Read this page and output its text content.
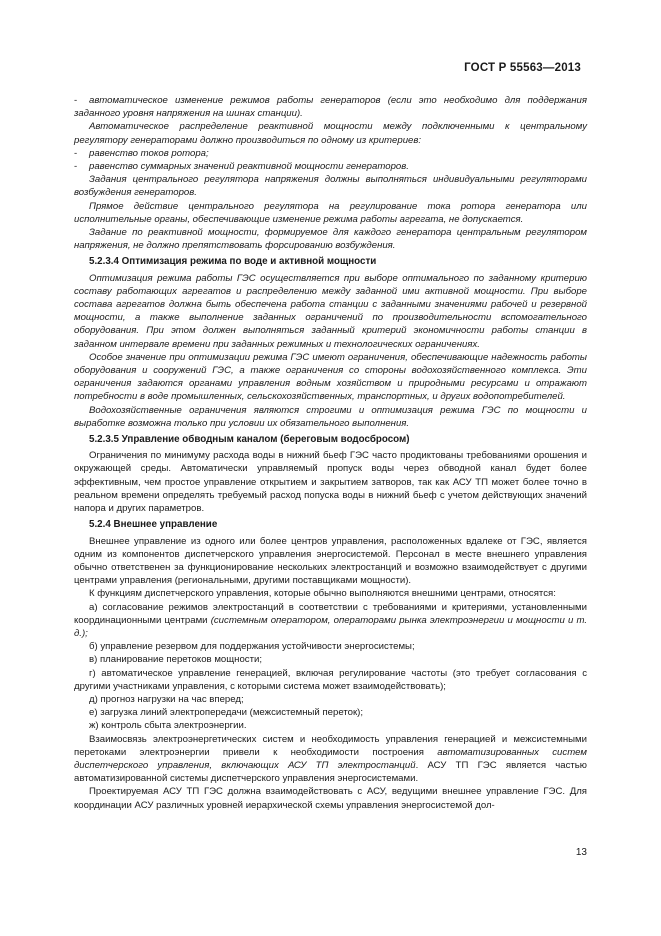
ГОСТ Р 55563—2013

- автоматическое изменение режимов работы генераторов (если это необходимо для поддержания заданного уровня напряжения на шинах станции).

Автоматическое распределение реактивной мощности между подключенными к центральному регулятору генераторами должно производиться по одному из критериев:

- равенство токов ротора;

- равенство суммарных значений реактивной мощности генераторов.

Задания центрального регулятора напряжения должны выполняться индивидуальными регуляторами возбуждения генераторов.

Прямое действие центрального регулятора на регулирование тока ротора генератора или исполнительные органы, обеспечивающие изменение режима работы агрегата, не допускается.

Задание по реактивной мощности, формируемое для каждого генератора центральным регулятором напряжения, не должно препятствовать форсированию возбуждения.

5.2.3.4 Оптимизация режима по воде и активной мощности

Оптимизация режима работы ГЭС осуществляется при выборе оптимального по заданному критерию составу работающих агрегатов и распределению между заданной ими активной мощности. При выборе состава агрегатов должна быть обеспечена работа станции с заданными значениями рабочей и резервной мощности, а также выполнение заданных ограничений по производительности вспомогательного оборудования. При этом должен выполняться заданный критерий экономичности работы станции в заданном интервале времени при заданных режимных и технологических ограничениях.

Особое значение при оптимизации режима ГЭС имеют ограничения, обеспечивающие надежность работы оборудования и сооружений ГЭС, а также ограничения со стороны водохозяйственного комплекса. Эти ограничения задаются органами управления водным хозяйством и природными ресурсами и отражают потребности в воде промышленных, сельскохозяйственных, транспортных, и других водопотребителей.

Водохозяйственные ограничения являются строгими и оптимизация режима ГЭС по мощности и выработке возможна только при условии их обязательного выполнения.

5.2.3.5 Управление обводным каналом (береговым водосбросом)

Ограничения по минимуму расхода воды в нижний бьеф ГЭС часто продиктованы требованиями орошения и окружающей среды. Автоматически управляемый пропуск воды через обводной канал будет более эффективным, чем простое управление открытием и закрытием затворов, так как АСУ ТП может более точно в реальном времени определять требуемый расход попуска воды в нижний бьеф с учетом действующих значений напора и других параметров.

5.2.4 Внешнее управление

Внешнее управление из одного или более центров управления, расположенных вдалеке от ГЭС, является одним из компонентов диспетчерского управления энергосистемой. Персонал в месте внешнего управления обычно ответственен за функционирование нескольких электростанций и возможно взаимодействует с другими центрами управления (региональными, другими поставщиками мощности).

К функциям диспетчерского управления, которые обычно выполняются внешними центрами, относятся:

а) согласование режимов электростанций в соответствии с требованиями и критериями, установленными координационными центрами (системным оператором, операторами рынка электроэнергии и мощности и т. д.);

б) управление резервом для поддержания устойчивости энергосистемы;

в) планирование перетоков мощности;

г) автоматическое управление генерацией, включая регулирование частоты (это требует согласования с другими участниками управления, с которыми система может взаимодействовать);

д) прогноз нагрузки на час вперед;

е) загрузка линий электропередачи (межсистемный переток);

ж) контроль сбыта электроэнергии.

Взаимосвязь электроэнергетических систем и необходимость управления генерацией и межсистемными перетоками электроэнергии привели к необходимости построения автоматизированных систем диспетчерского управления, включающих АСУ ТП электростанций. АСУ ТП ГЭС является частью автоматизированной системы диспетчерского управления энергосистемами.

Проектируемая АСУ ТП ГЭС должна взаимодействовать с АСУ, ведущими внешнее управление ГЭС. Для координации АСУ различных уровней иерархической схемы управления энергосистемой дол-

13
